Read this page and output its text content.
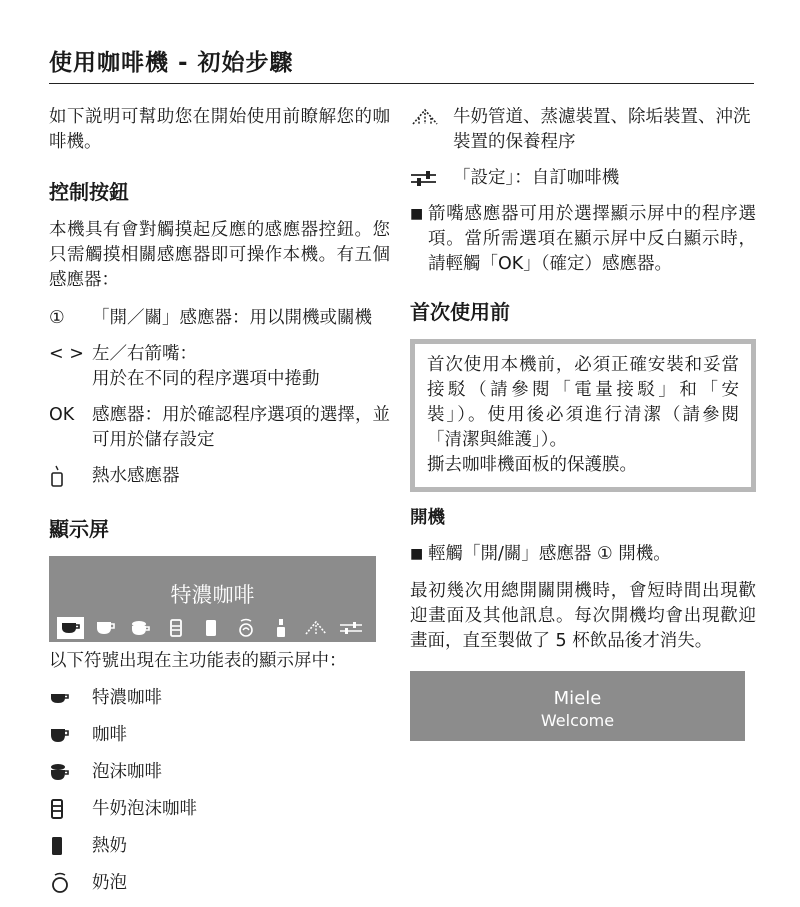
使用咖啡機 - 初始步驟

如下説明可幫助您在開始使用前瞭解您的咖啡機。

控制按鈕

本機具有會對觸摸起反應的感應器控鈕。您只需觸摸相關感應器即可操作本機。有五個感應器：

①	「開／關」感應器：用以開機或關機
< > 左／右箭嘴：
用於在不同的程序選項中捲動
OK	感應器：用於確認程序選項的選擇，並可用於儲存設定
熱水感應器
顯示屏
特濃咖啡

以下符號出現在主功能表的顯示屏中：

特濃咖啡
咖啡
泡沫咖啡
牛奶泡沫咖啡
熱奶
奶泡
牛奶管道、蒸濾裝置、除垢裝置、沖洗裝置的保養程序
「設定」：自訂咖啡機
■ 箭嘴感應器可用於選擇顯示屏中的程序選項。當所需選項在顯示屏中反白顯示時，請輕觸「OK」（確定）感應器。
首次使用前
首次使用本機前，必須正確安裝和妥當接駁（請參閱「電量接駁」和「安裝」）。使用後必須進行清潔（請參閱「清潔與維護」）。
撕去咖啡機面板的保護膜。
開機
■ 輕觸「開/關」感應器 ① 開機。

最初幾次用總開關開機時，會短時間出現歡迎畫面及其他訊息。每次開機均會出現歡迎畫面，直至製做了 5 杯飲品後才消失。

Miele
Welcome
